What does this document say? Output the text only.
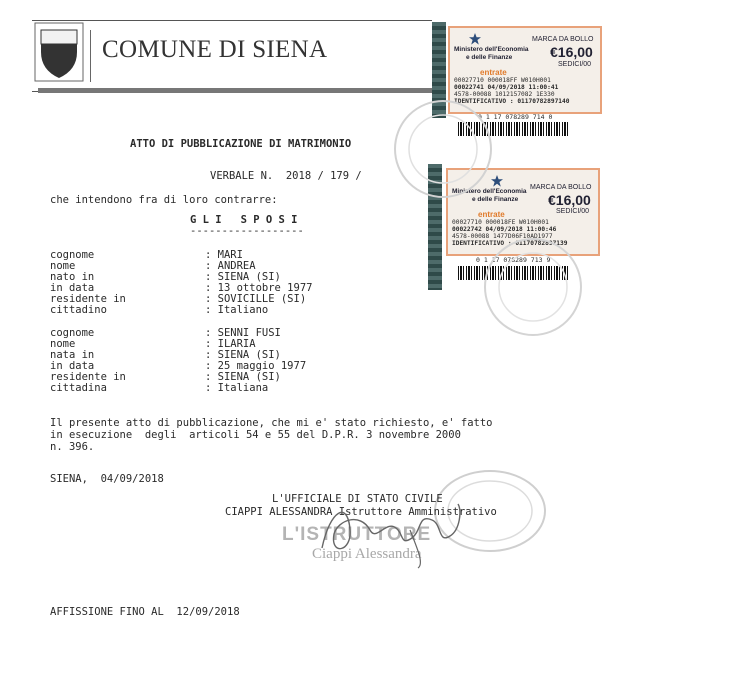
COMUNE DI SIENA	Ministero dell'Economia
e delle Finanze
MARCA DA BOLLO
€16,00
SEDICI/00
entrate
00027710 000018FF W010H001
00022741 04/09/2018 11:00:41
4578-00088 1012157082 1E330
IDENTIFICATIVO : 01170782897140
0 1 17 078289 714 0
Ministero dell'Economia
e delle Finanze
MARCA DA BOLLO
€16,00
SEDICI/00
entrate
00027710 000018FE W010H001
00022742 04/09/2018 11:00:46
4578-00088 1477D06F10AD1977
IDENTIFICATIVO : 01170782897139
0 1 17 078289 713 9
ATTO DI PUBBLICAZIONE DI MATRIMONIO
VERBALE N.  2018 / 179 /
che intendono fra di loro contrarre:
G L I   S P O S I
------------------
cognome	: MARI
nome	: ANDREA
nato in	: SIENA (SI)
in data	: 13 ottobre 1977
residente in	: SOVICILLE (SI)
cittadino	: Italiano
cognome	: SENNI FUSI
nome	: ILARIA
nata in	: SIENA (SI)
in data	: 25 maggio 1977
residente in	: SIENA (SI)
cittadina	: Italiana
Il presente atto di pubblicazione, che mi e' stato richiesto, e' fatto
in esecuzione  degli  articoli 54 e 55 del D.P.R. 3 novembre 2000
n. 396.
SIENA,  04/09/2018
L'UFFICIALE DI STATO CIVILE
CIAPPI ALESSANDRA Istruttore Amministrativo
L'ISTRUTTORE
Ciappi Alessandra
AFFISSIONE FINO AL  12/09/2018
